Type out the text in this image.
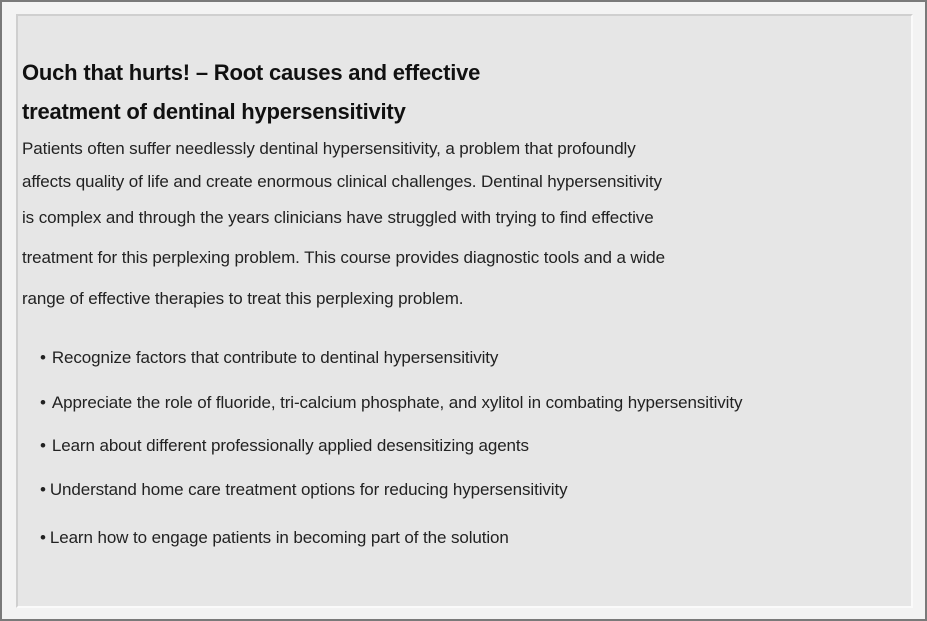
Ouch that hurts! – Root causes and effective
treatment of dentinal hypersensitivity
Patients often suffer needlessly dentinal hypersensitivity, a problem that profoundly
affects quality of life and create enormous clinical challenges. Dentinal hypersensitivity
is complex and through the years clinicians have struggled with trying to find effective
treatment for this perplexing problem. This course provides diagnostic tools and a wide
range of effective therapies to treat this perplexing problem.
• Recognize factors that contribute to dentinal hypersensitivity
• Appreciate the role of fluoride, tri-calcium phosphate, and xylitol in combating hypersensitivity
• Learn about different professionally applied desensitizing agents
• Understand home care treatment options for reducing hypersensitivity
• Learn how to engage patients in becoming part of the solution
